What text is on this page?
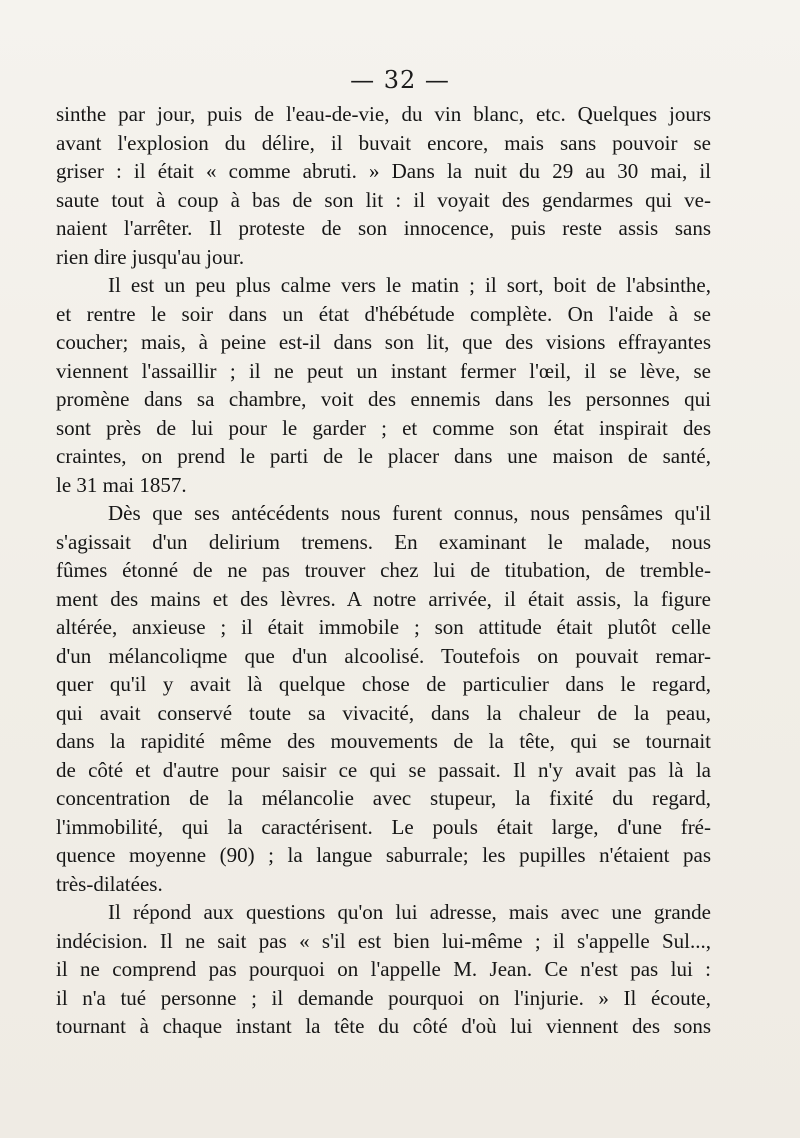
— 32 —
sinthe par jour, puis de l'eau-de-vie, du vin blanc, etc. Quelques jours
avant l'explosion du délire, il buvait encore, mais sans pouvoir se
griser : il était « comme abruti. » Dans la nuit du 29 au 30 mai, il
saute tout à coup à bas de son lit : il voyait des gendarmes qui ve-
naient l'arrêter. Il proteste de son innocence, puis reste assis sans
rien dire jusqu'au jour.
Il est un peu plus calme vers le matin ; il sort, boit de l'absinthe,
et rentre le soir dans un état d'hébétude complète. On l'aide à se
coucher; mais, à peine est-il dans son lit, que des visions effrayantes
viennent l'assaillir ; il ne peut un instant fermer l'œil, il se lève, se
promène dans sa chambre, voit des ennemis dans les personnes qui
sont près de lui pour le garder ; et comme son état inspirait des
craintes, on prend le parti de le placer dans une maison de santé,
le 31 mai 1857.
Dès que ses antécédents nous furent connus, nous pensâmes qu'il
s'agissait d'un delirium tremens. En examinant le malade, nous
fûmes étonné de ne pas trouver chez lui de titubation, de tremble-
ment des mains et des lèvres. A notre arrivée, il était assis, la figure
altérée, anxieuse ; il était immobile ; son attitude était plutôt celle
d'un mélancoliqme que d'un alcoolisé. Toutefois on pouvait remar-
quer qu'il y avait là quelque chose de particulier dans le regard,
qui avait conservé toute sa vivacité, dans la chaleur de la peau,
dans la rapidité même des mouvements de la tête, qui se tournait
de côté et d'autre pour saisir ce qui se passait. Il n'y avait pas là la
concentration de la mélancolie avec stupeur, la fixité du regard,
l'immobilité, qui la caractérisent. Le pouls était large, d'une fré-
quence moyenne (90) ; la langue saburrale; les pupilles n'étaient pas
très-dilatées.
Il répond aux questions qu'on lui adresse, mais avec une grande
indécision. Il ne sait pas « s'il est bien lui-même ; il s'appelle Sul...,
il ne comprend pas pourquoi on l'appelle M. Jean. Ce n'est pas lui :
il n'a tué personne ; il demande pourquoi on l'injurie. » Il écoute,
tournant à chaque instant la tête du côté d'où lui viennent des sons
